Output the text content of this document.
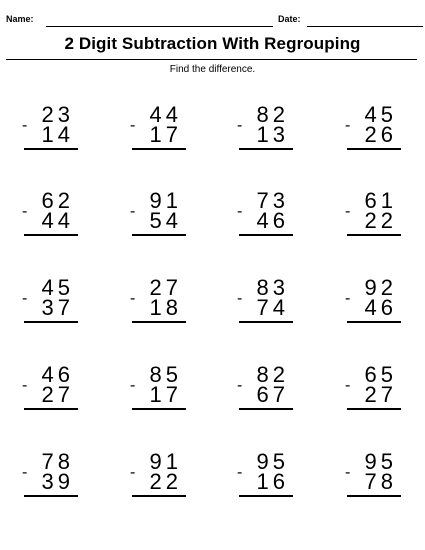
Name:	Date:
2 Digit Subtraction With Regrouping
Find the difference.
23
- 14
44
- 17
82
- 13
45
- 26
62
- 44
91
- 54
73
- 46
61
- 22
45
- 37
27
- 18
83
- 74
92
- 46
46
- 27
85
- 17
82
- 67
65
- 27
78
- 39
91
- 22
95
- 16
95
- 78
